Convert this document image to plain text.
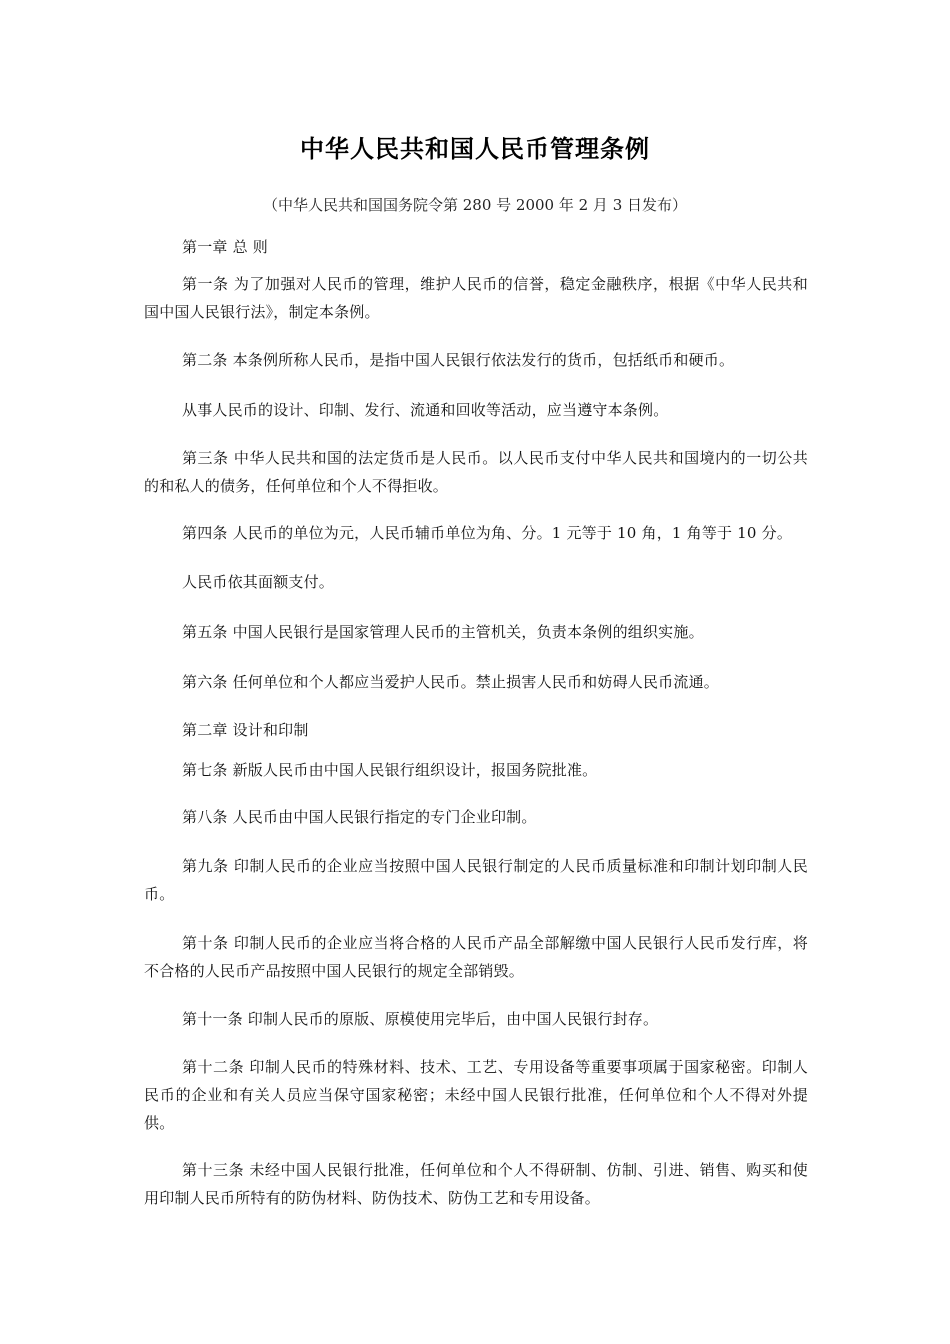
中华人民共和国人民币管理条例
（中华人民共和国国务院令第 280 号 2000 年 2 月 3 日发布）

第一章 总 则

第一条 为了加强对人民币的管理，维护人民币的信誉，稳定金融秩序，根据《中华人民共和国中国人民银行法》，制定本条例。

第二条 本条例所称人民币，是指中国人民银行依法发行的货币，包括纸币和硬币。

从事人民币的设计、印制、发行、流通和回收等活动，应当遵守本条例。

第三条 中华人民共和国的法定货币是人民币。以人民币支付中华人民共和国境内的一切公共的和私人的债务，任何单位和个人不得拒收。

第四条 人民币的单位为元，人民币辅币单位为角、分。1 元等于 10 角，1 角等于 10 分。

人民币依其面额支付。

第五条 中国人民银行是国家管理人民币的主管机关，负责本条例的组织实施。

第六条 任何单位和个人都应当爱护人民币。禁止损害人民币和妨碍人民币流通。

第二章 设计和印制

第七条 新版人民币由中国人民银行组织设计，报国务院批准。

第八条 人民币由中国人民银行指定的专门企业印制。

第九条 印制人民币的企业应当按照中国人民银行制定的人民币质量标准和印制计划印制人民币。

第十条 印制人民币的企业应当将合格的人民币产品全部解缴中国人民银行人民币发行库，将不合格的人民币产品按照中国人民银行的规定全部销毁。

第十一条 印制人民币的原版、原模使用完毕后，由中国人民银行封存。

第十二条 印制人民币的特殊材料、技术、工艺、专用设备等重要事项属于国家秘密。印制人民币的企业和有关人员应当保守国家秘密；未经中国人民银行批准，任何单位和个人不得对外提供。

第十三条 未经中国人民银行批准，任何单位和个人不得研制、仿制、引进、销售、购买和使用印制人民币所特有的防伪材料、防伪技术、防伪工艺和专用设备。
